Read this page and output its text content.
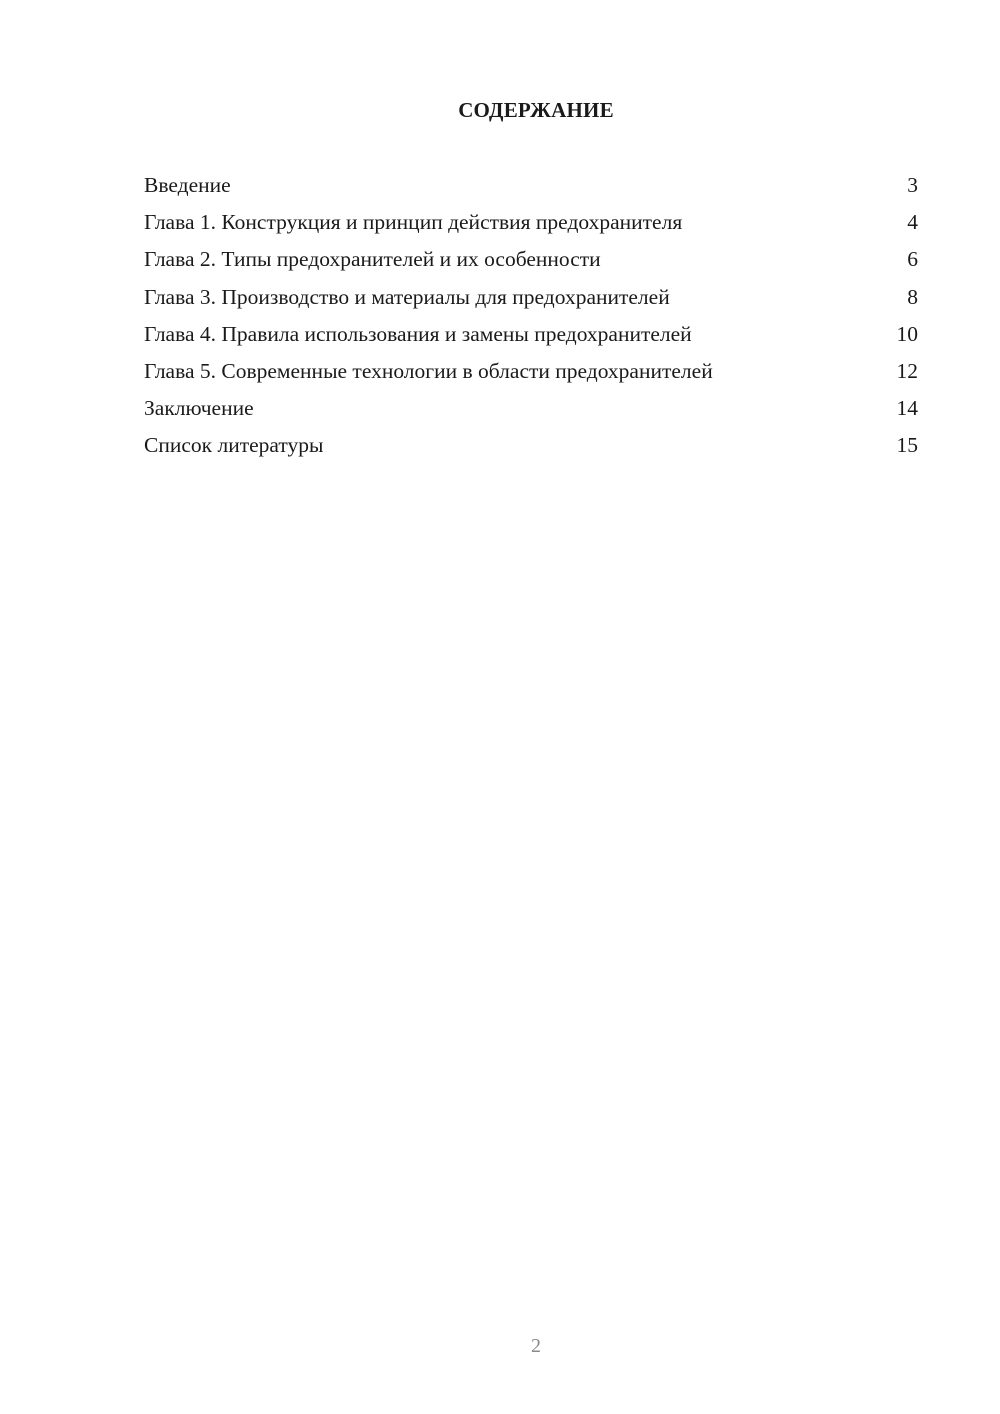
СОДЕРЖАНИЕ
Введение	3
Глава 1. Конструкция и принцип действия предохранителя	4
Глава 2. Типы предохранителей и их особенности	6
Глава 3. Производство и материалы для предохранителей	8
Глава 4. Правила использования и замены предохранителей	10
Глава 5. Современные технологии в области предохранителей	12
Заключение	14
Список литературы	15
2
